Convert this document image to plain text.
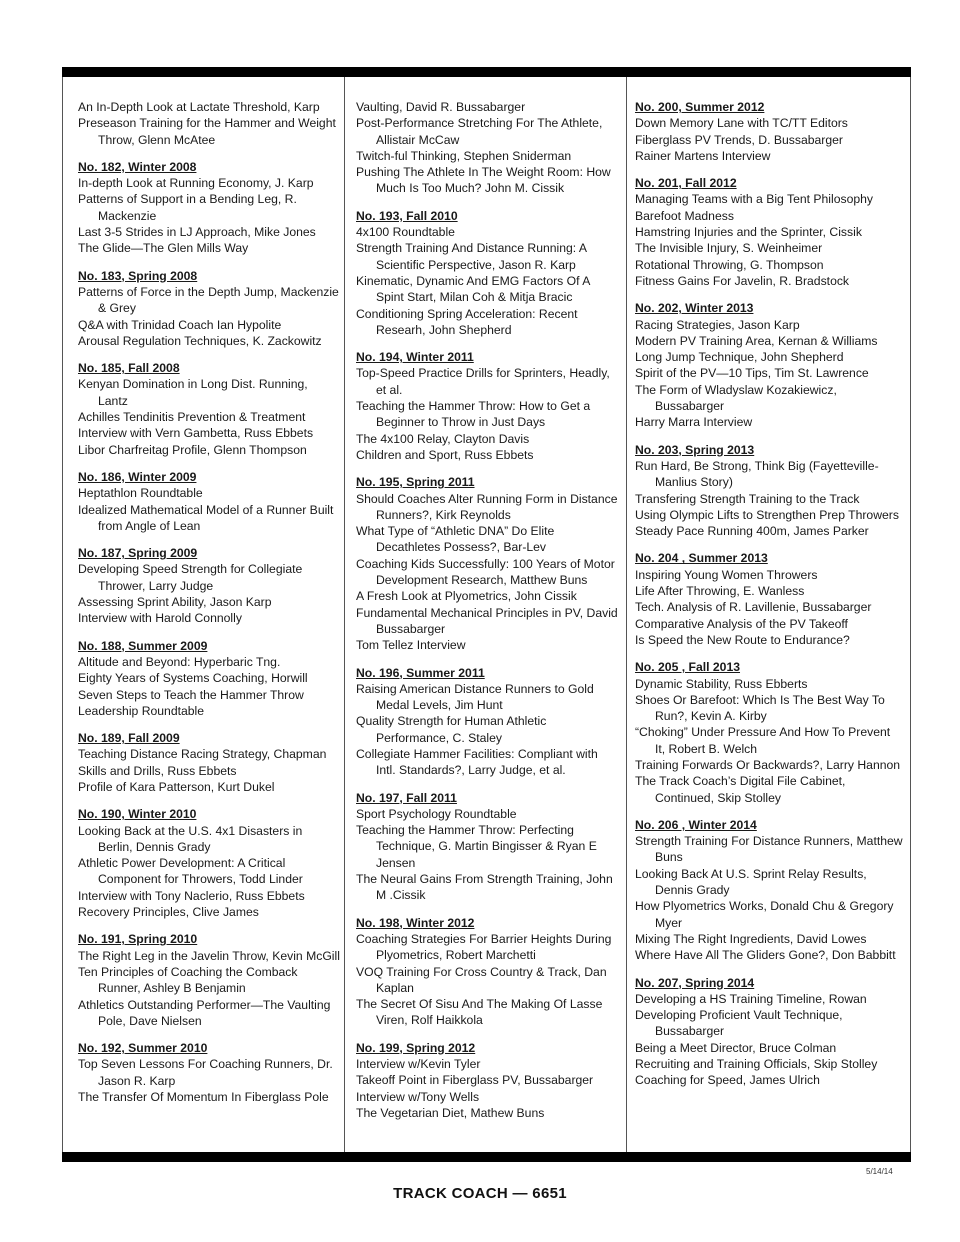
An In-Depth Look at Lactate Threshold, Karp
Preseason Training for the Hammer and Weight Throw, Glenn McAtee
No. 182, Winter 2008
In-depth Look at Running Economy, J. Karp
Patterns of Support in a Bending Leg, R. Mackenzie
Last 3-5 Strides in LJ Approach, Mike Jones
The Glide—The Glen Mills Way
No. 183, Spring 2008
Patterns of Force in the Depth Jump, Mackenzie & Grey
Q&A with Trinidad Coach Ian Hypolite
Arousal Regulation Techniques, K. Zackowitz
No. 185, Fall 2008
Kenyan Domination in Long Dist. Running, Lantz
Achilles Tendinitis Prevention & Treatment
Interview with Vern Gambetta, Russ Ebbets
Libor Charfreitag Profile, Glenn Thompson
No. 186, Winter 2009
Heptathlon Roundtable
Idealized Mathematical Model of a Runner Built from Angle of Lean
No. 187, Spring 2009
Developing Speed Strength for Collegiate Thrower, Larry Judge
Assessing Sprint Ability, Jason Karp
Interview with Harold Connolly
No. 188, Summer 2009
Altitude and Beyond: Hyperbaric Tng.
Eighty Years of Systems Coaching, Horwill
Seven Steps to Teach the Hammer Throw
Leadership Roundtable
No. 189, Fall 2009
Teaching Distance Racing Strategy, Chapman
Skills and Drills, Russ Ebbets
Profile of Kara Patterson, Kurt Dukel
No. 190, Winter 2010
Looking Back at the U.S. 4x1 Disasters in Berlin, Dennis Grady
Athletic Power Development: A Critical Component for Throwers, Todd Linder
Interview with Tony Naclerio, Russ Ebbets
Recovery Principles, Clive James
No. 191, Spring 2010
The Right Leg in the Javelin Throw, Kevin McGill
Ten Principles of Coaching the Comback Runner, Ashley B Benjamin
Athletics Outstanding Performer—The Vaulting Pole, Dave Nielsen
No. 192, Summer 2010
Top Seven Lessons For Coaching Runners, Dr. Jason R. Karp
The Transfer Of Momentum In Fiberglass Pole
Vaulting, David R. Bussabarger
Post-Performance Stretching For The Athlete, Allistair McCaw
Twitch-ful Thinking, Stephen Sniderman
Pushing The Athlete In The Weight Room: How Much Is Too Much? John M. Cissik
No. 193, Fall 2010
4x100 Roundtable
Strength Training And Distance Running: A Scientific Perspective, Jason R. Karp
Kinematic, Dynamic And EMG Factors Of A Spint Start, Milan Coh & Mitja Bracic
Conditioning Spring Acceleration: Recent Researh, John Shepherd
No. 194, Winter 2011
Top-Speed Practice Drills for Sprinters, Headly, et al.
Teaching the Hammer Throw: How to Get a Beginner to Throw in Just Days
The 4x100 Relay, Clayton Davis
Children and Sport, Russ Ebbets
No. 195, Spring 2011
Should Coaches Alter Running Form in Distance Runners?, Kirk Reynolds
What Type of “Athletic DNA” Do Elite Decathletes Possess?, Bar-Lev
Coaching Kids Successfully: 100 Years of Motor Development Research, Matthew Buns
A Fresh Look at Plyometrics, John Cissik
Fundamental Mechanical Principles in PV, David Bussabarger
Tom Tellez Interview
No. 196, Summer 2011
Raising American Distance Runners to Gold Medal Levels, Jim Hunt
Quality Strength for Human Athletic Performance, C. Staley
Collegiate Hammer Facilities: Compliant with Intl. Standards?, Larry Judge, et al.
No. 197, Fall 2011
Sport Psychology Roundtable
Teaching the Hammer Throw: Perfecting Technique, G. Martin Bingisser & Ryan E Jensen
The Neural Gains From Strength Training, John M .Cissik
No. 198, Winter 2012
Coaching Strategies For Barrier Heights During Plyometrics, Robert Marchetti
VOQ Training For Cross Country & Track, Dan Kaplan
The Secret Of Sisu And The Making Of Lasse Viren, Rolf Haikkola
No. 199, Spring 2012
Interview w/Kevin Tyler
Takeoff Point in Fiberglass PV, Bussabarger
Interview w/Tony Wells
The Vegetarian Diet, Mathew Buns
No. 200, Summer 2012
Down Memory Lane with TC/TT Editors
Fiberglass PV Trends, D. Bussabarger
Rainer Martens Interview
No. 201, Fall 2012
Managing Teams with a Big Tent Philosophy
Barefoot Madness
Hamstring Injuries and the Sprinter, Cissik
The Invisible Injury, S. Weinheimer
Rotational Throwing, G. Thompson
Fitness Gains For Javelin, R. Bradstock
No. 202, Winter 2013
Racing Strategies, Jason Karp
Modern PV Training Area, Kernan & Williams
Long Jump Technique, John Shepherd
Spirit of the PV—10 Tips, Tim St. Lawrence
The Form of Wladyslaw Kozakiewicz, Bussabarger
Harry Marra Interview
No. 203, Spring 2013
Run Hard, Be Strong, Think Big (Fayetteville-Manlius Story)
Transfering Strength Training to the Track
Using Olympic Lifts to Strengthen Prep Throwers
Steady Pace Running 400m, James Parker
No. 204 , Summer 2013
Inspiring Young Women Throwers
Life After Throwing, E. Wanless
Tech. Analysis of R. Lavillenie, Bussabarger
Comparative Analysis of the PV Takeoff
Is Speed the New Route to Endurance?
No. 205 , Fall 2013
Dynamic Stability, Russ Ebberts
Shoes Or Barefoot: Which Is The Best Way To Run?, Kevin A. Kirby
“Choking” Under Pressure And How To Prevent It, Robert B. Welch
Training Forwards Or Backwards?, Larry Hannon
The Track Coach’s Digital File Cabinet, Continued, Skip Stolley
No. 206 , Winter 2014
Strength Training For Distance Runners, Matthew Buns
Looking Back At U.S. Sprint Relay Results, Dennis Grady
How Plyometrics Works, Donald Chu & Gregory Myer
Mixing The Right Ingredients, David Lowes
Where Have All The Gliders Gone?, Don Babbitt
No. 207, Spring 2014
Developing a HS Training Timeline, Rowan
Developing Proficient Vault Technique, Bussabarger
Being a Meet Director, Bruce Colman
Recruiting and Training Officials, Skip Stolley
Coaching for Speed, James Ulrich
5/14/14
TRACK COACH — 6651
